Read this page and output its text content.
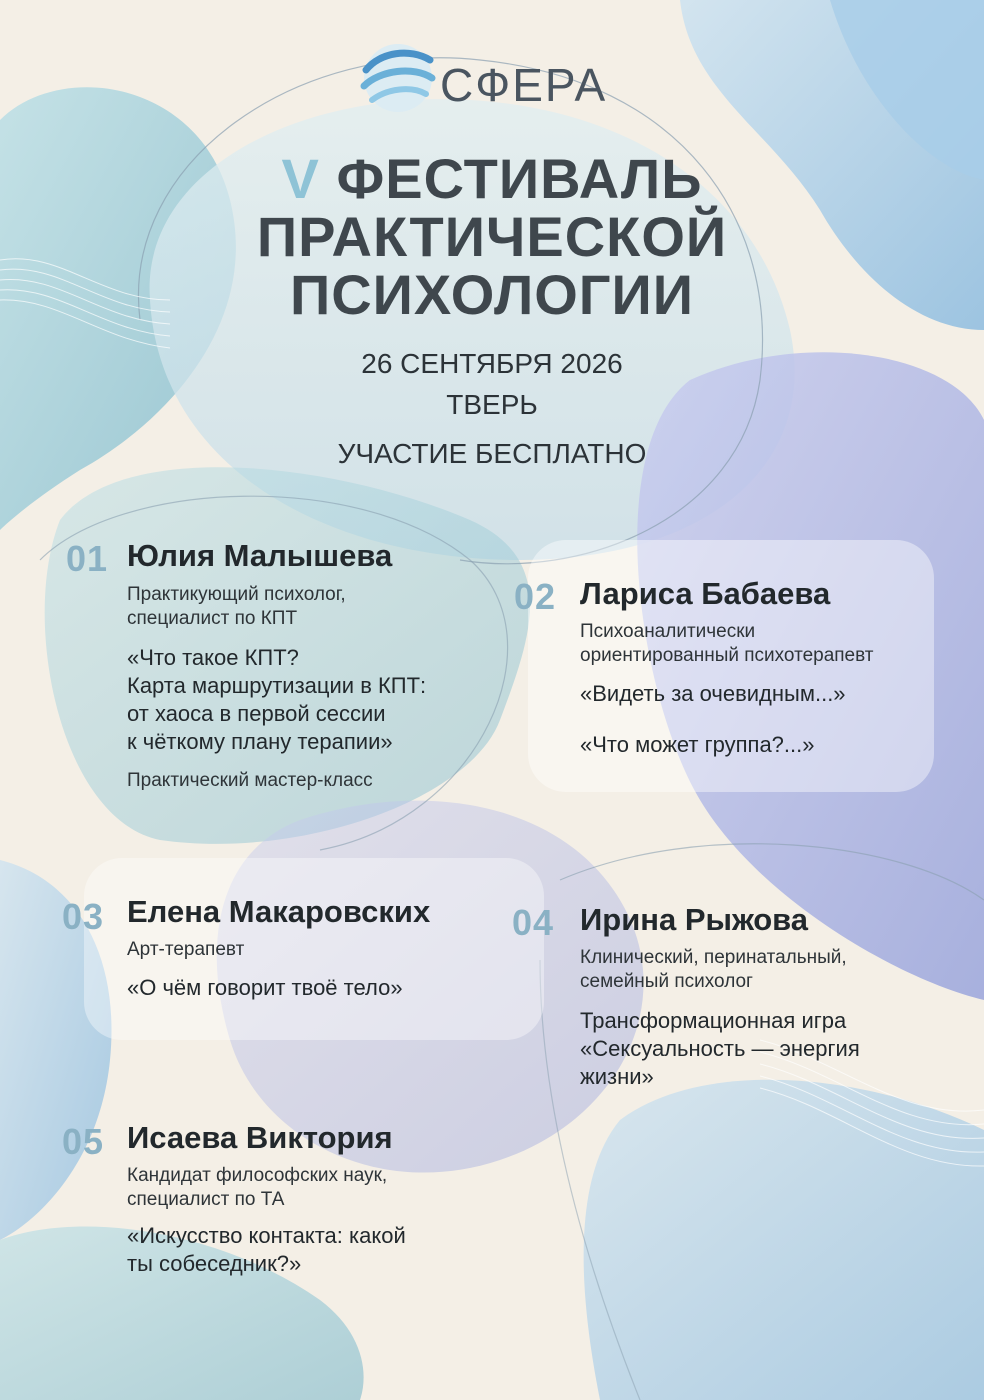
СФЕРА
V ФЕСТИВАЛЬ
ПРАКТИЧЕСКОЙ
ПСИХОЛОГИИ
26 СЕНТЯБРЯ 2026
ТВЕРЬ
УЧАСТИЕ БЕСПЛАТНО
01 Юлия Малышева
Практикующий психолог,
специалист по КПТ
«Что такое КПТ?
Карта маршрутизации в КПТ:
от хаоса в первой сессии
к чёткому плану терапии»
Практический мастер-класс
02 Лариса Бабаева
Психоаналитически
ориентированный психотерапевт
«Видеть за очевидным...»
«Что может группа?...»
03 Елена Макаровских
Арт-терапевт
«О чём говорит твоё тело»
04 Ирина Рыжова
Клинический, перинатальный,
семейный психолог
Трансформационная игра
«Сексуальность — энергия
жизни»
05 Исаева Виктория
Кандидат философских наук,
специалист по ТА
«Искусство контакта: какой
ты собеседник?»
